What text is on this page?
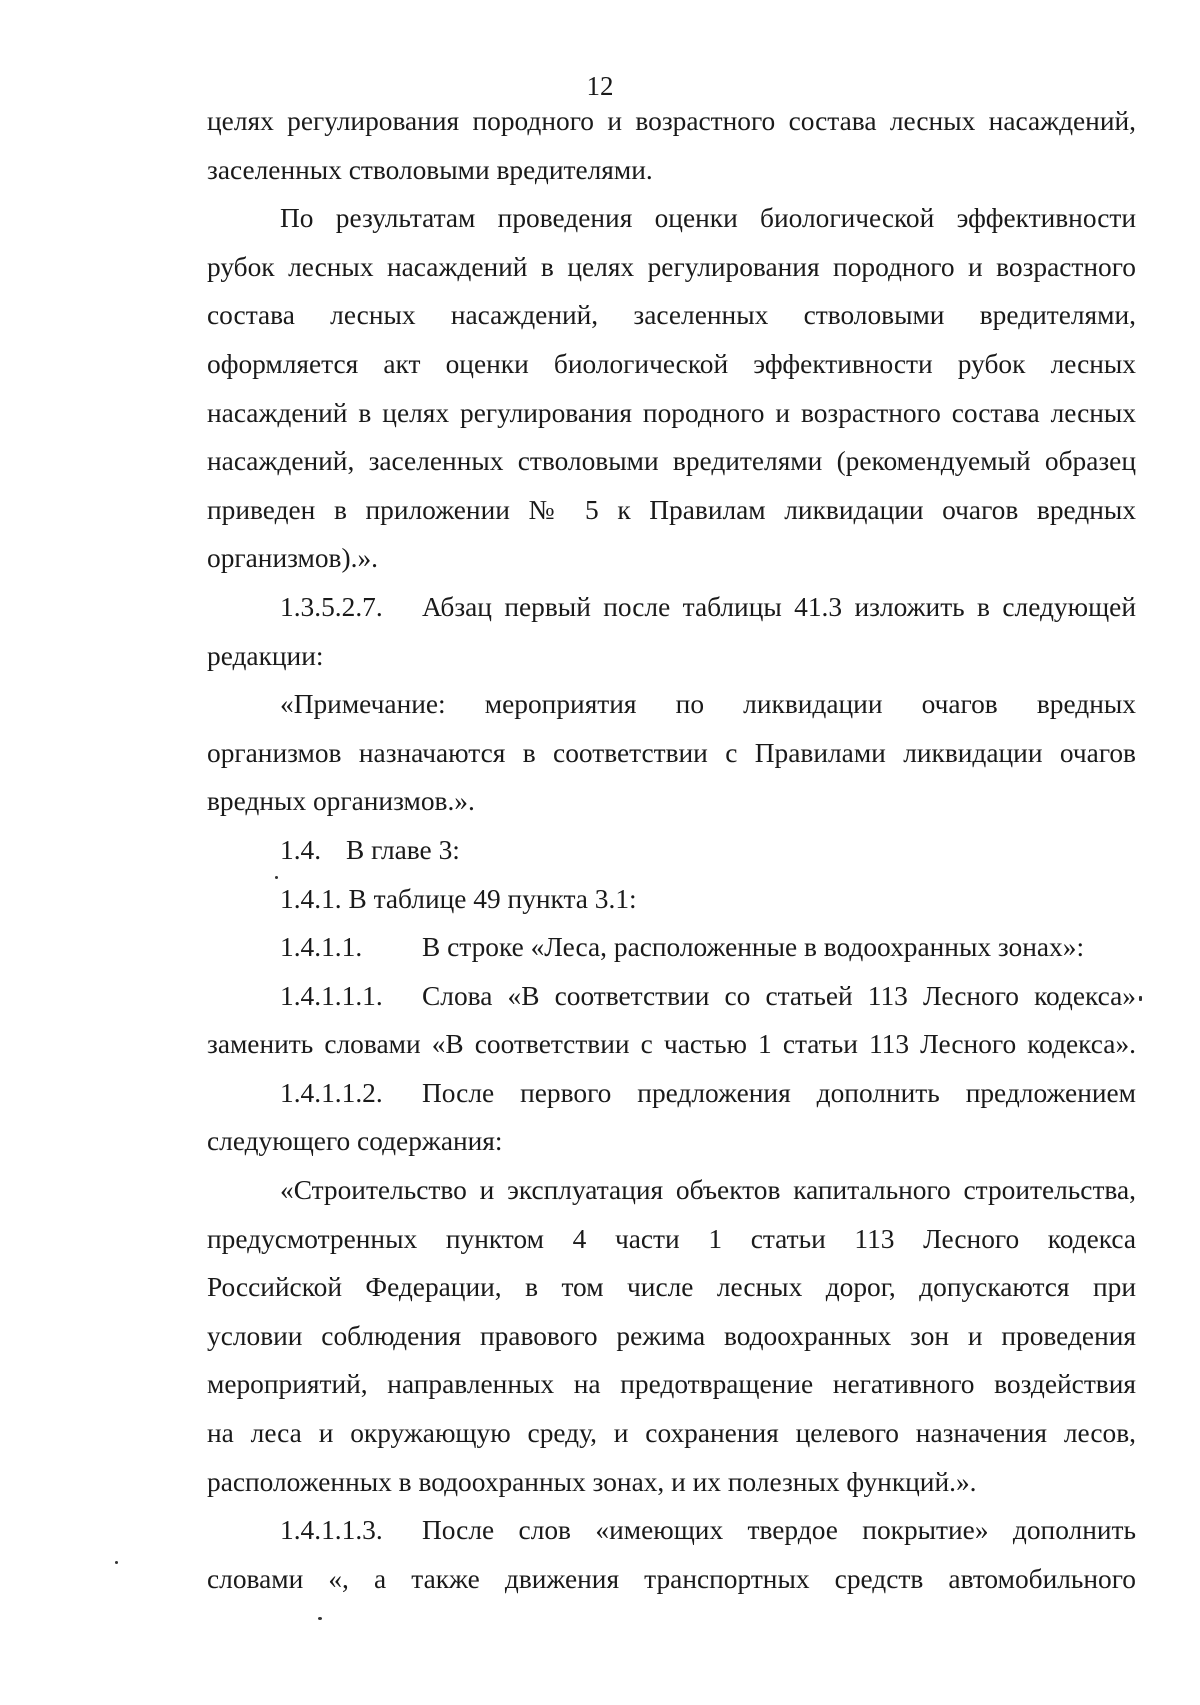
12
целях регулирования породного и возрастного состава лесных насаждений,
заселенных стволовыми вредителями.
По результатам проведения оценки биологической эффективности
рубок лесных насаждений в целях регулирования породного и возрастного
состава лесных насаждений, заселенных стволовыми вредителями,
оформляется акт оценки биологической эффективности рубок лесных
насаждений в целях регулирования породного и возрастного состава лесных
насаждений, заселенных стволовыми вредителями (рекомендуемый образец
приведен в приложении № 5 к Правилам ликвидации очагов вредных
организмов).».
1.3.5.2.7. Абзац первый после таблицы 41.3 изложить в следующей
редакции:
«Примечание: мероприятия по ликвидации очагов вредных
организмов назначаются в соответствии с Правилами ликвидации очагов
вредных организмов.».
1.4. В главе 3:
1.4.1. В таблице 49 пункта 3.1:
1.4.1.1. В строке «Леса, расположенные в водоохранных зонах»:
1.4.1.1.1. Слова «В соответствии со статьей 113 Лесного кодекса»
заменить словами «В соответствии с частью 1 статьи 113 Лесного кодекса».
1.4.1.1.2. После первого предложения дополнить предложением
следующего содержания:
«Строительство и эксплуатация объектов капитального строительства,
предусмотренных пунктом 4 части 1 статьи 113 Лесного кодекса
Российской Федерации, в том числе лесных дорог, допускаются при
условии соблюдения правового режима водоохранных зон и проведения
мероприятий, направленных на предотвращение негативного воздействия
на леса и окружающую среду, и сохранения целевого назначения лесов,
расположенных в водоохранных зонах, и их полезных функций.».
1.4.1.1.3. После слов «имеющих твердое покрытие» дополнить
словами «, а также движения транспортных средств автомобильного
